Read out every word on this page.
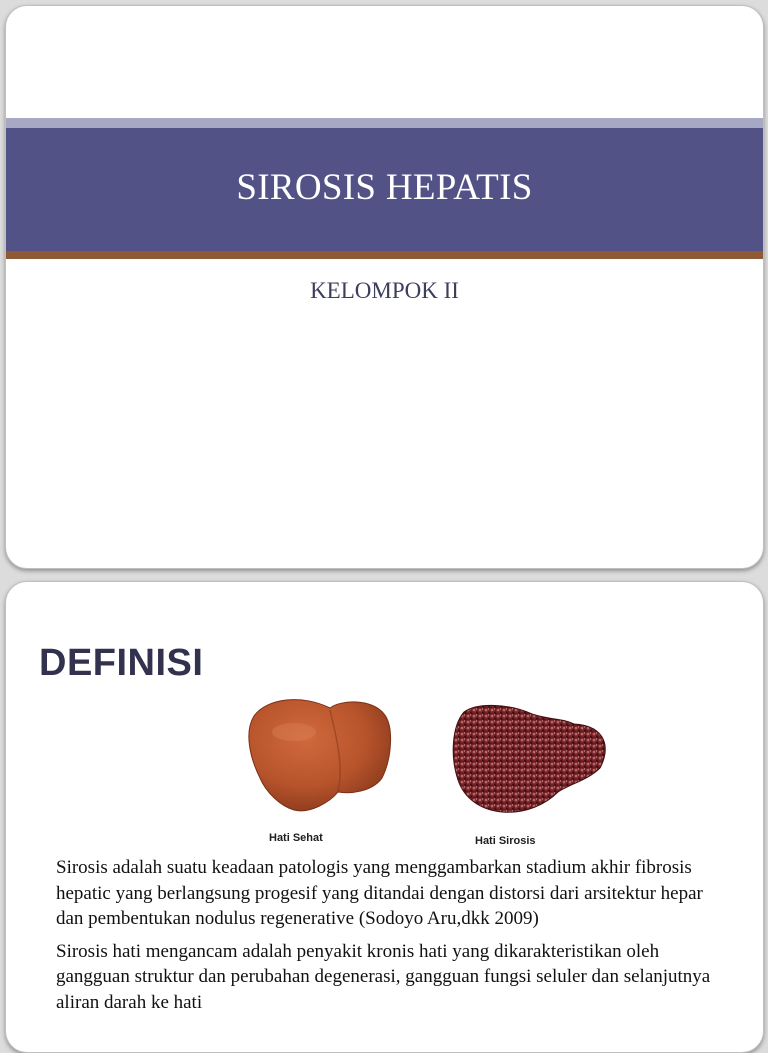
SIROSIS HEPATIS
KELOMPOK II
DEFINISI
Hati Sehat	Hati Sirosis

Sirosis adalah suatu keadaan patologis yang menggambarkan stadium akhir fibrosis hepatic yang berlangsung progesif yang ditandai dengan distorsi dari arsitektur hepar dan pembentukan nodulus regenerative (Sodoyo Aru,dkk 2009)

Sirosis hati mengancam adalah penyakit kronis hati yang dikarakteristikan oleh gangguan struktur dan perubahan degenerasi, gangguan fungsi seluler dan selanjutnya aliran darah ke hati
